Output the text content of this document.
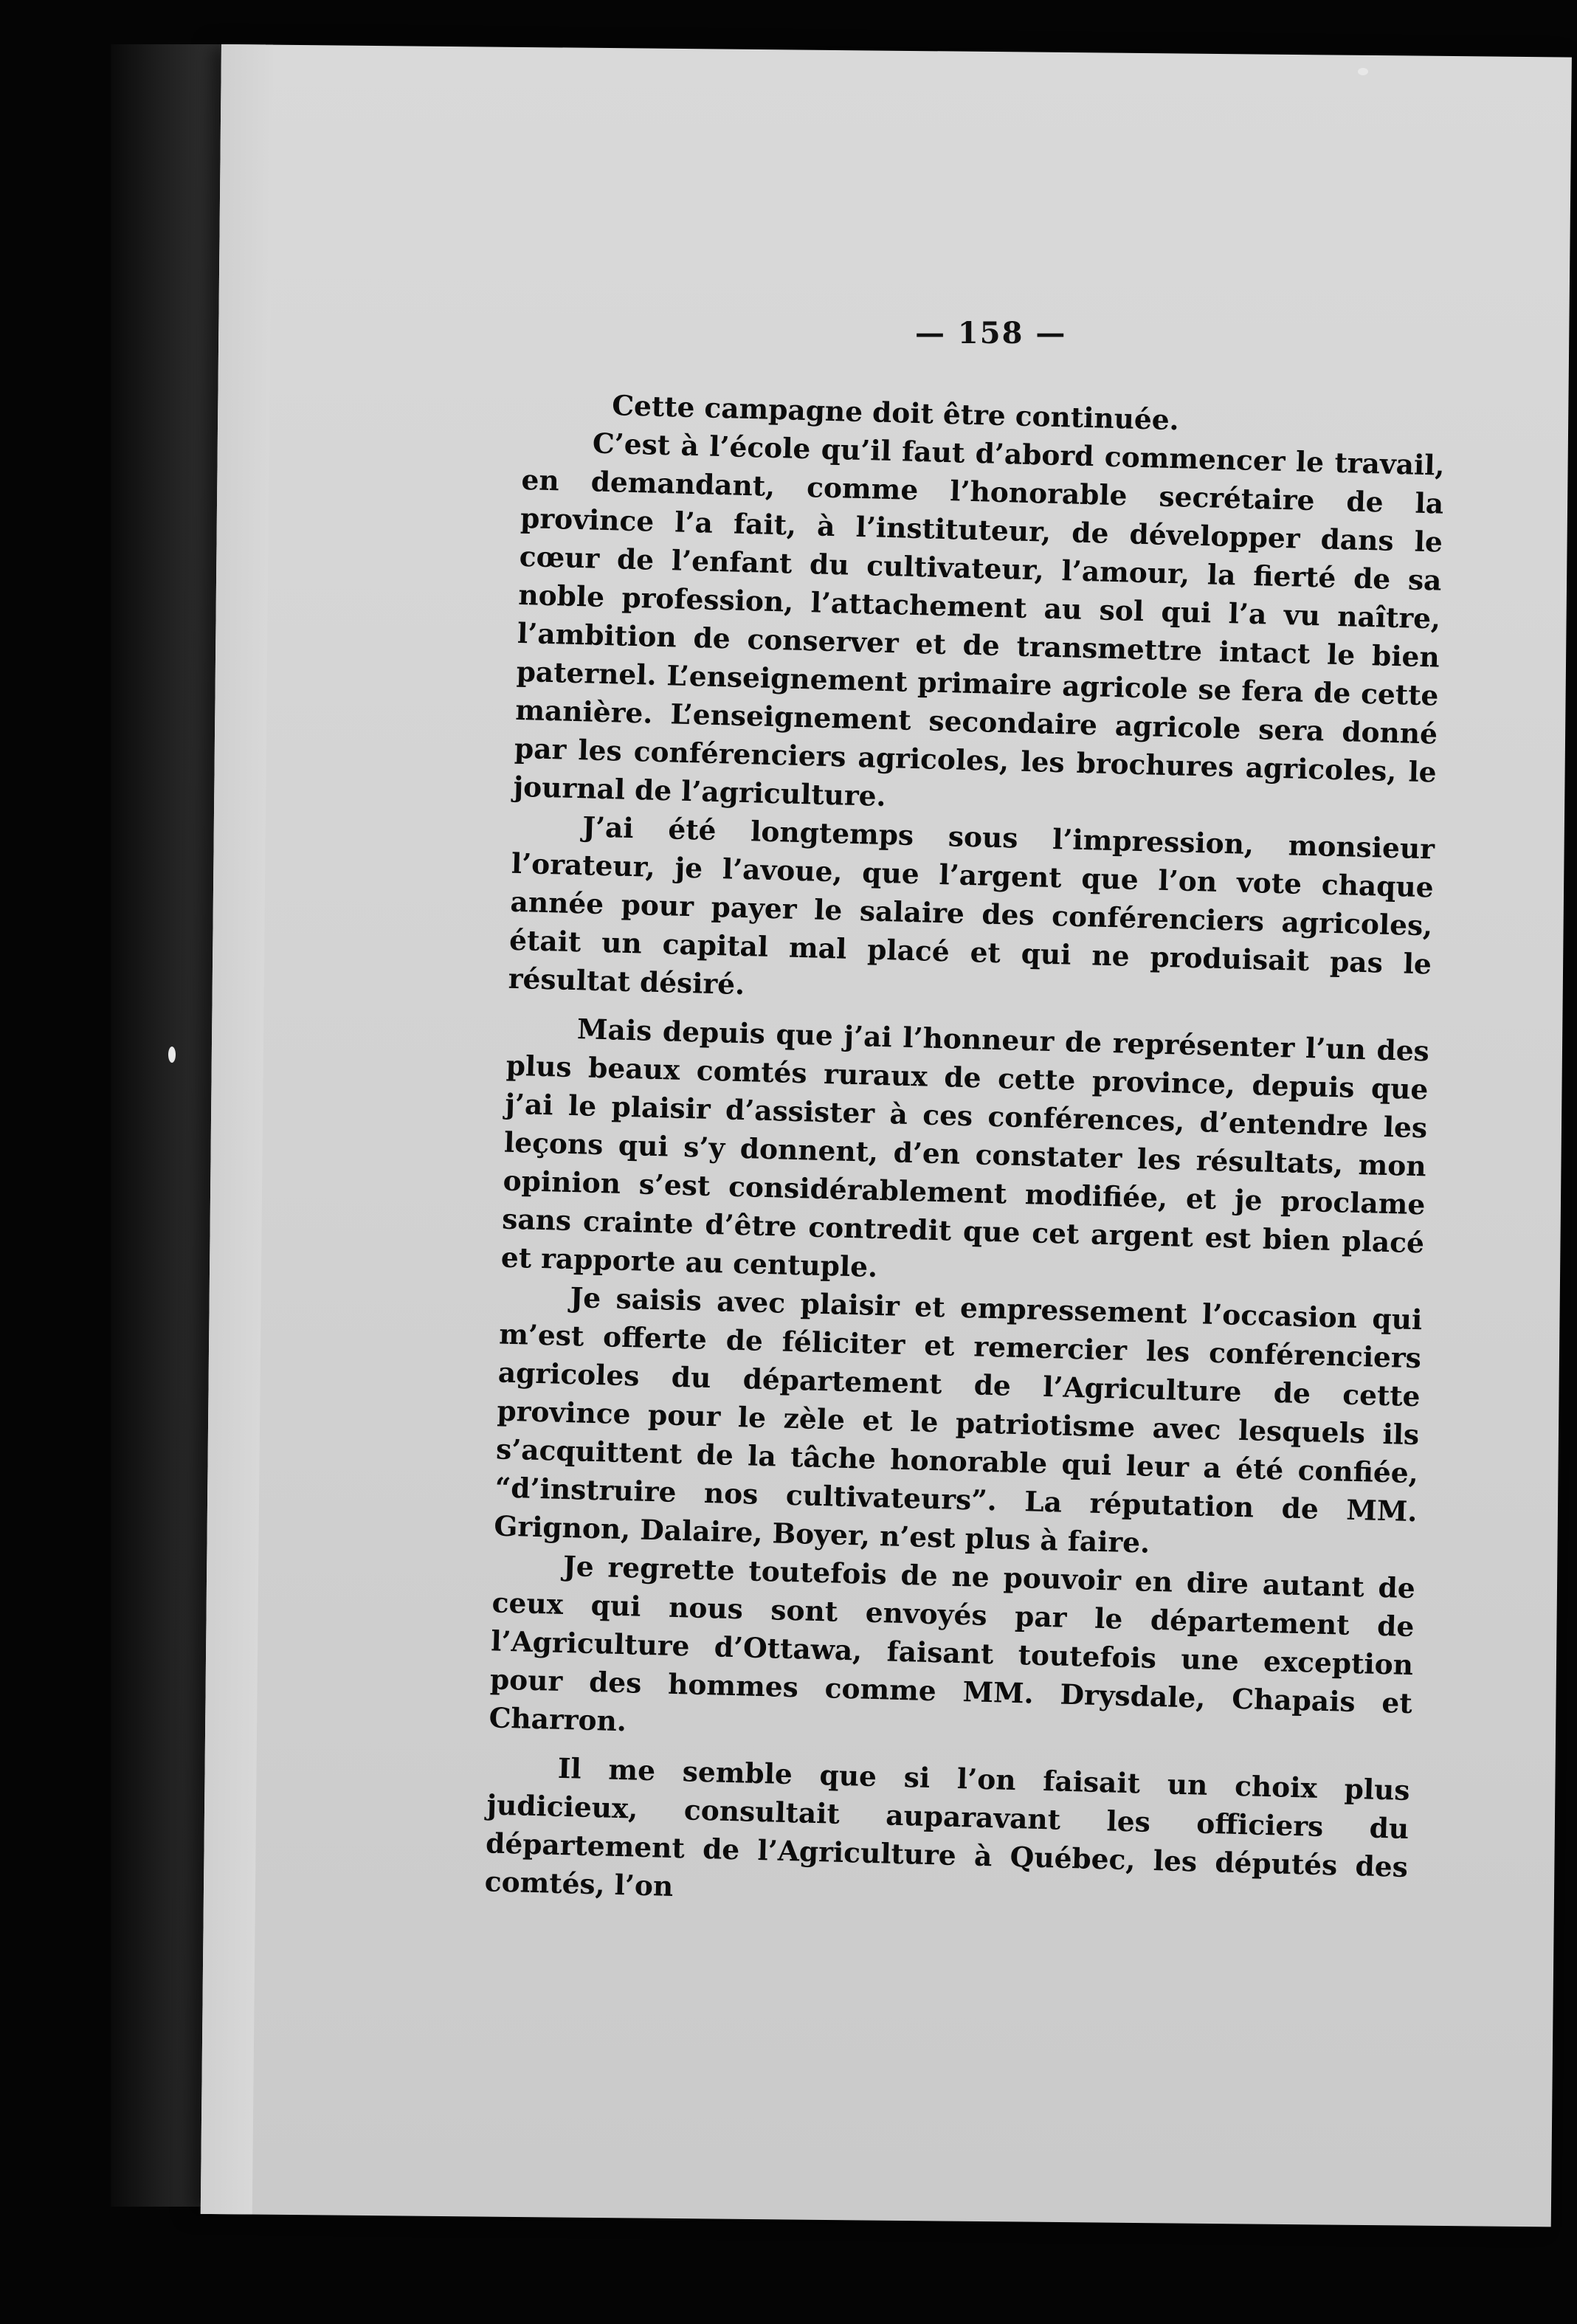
— 158 —

Cette campagne doit être continuée.

C’est à l’école qu’il faut d’abord commencer le travail, en demandant, comme l’honorable secrétaire de la province l’a fait, à l’instituteur, de développer dans le cœur de l’enfant du cultivateur, l’amour, la fierté de sa noble profession, l’attachement au sol qui l’a vu naître, l’ambition de conserver et de transmettre intact le bien paternel. L’enseignement primaire agricole se fera de cette manière. L’enseignement secondaire agricole sera donné par les conférenciers agricoles, les brochures agricoles, le journal de l’agriculture.

J’ai été longtemps sous l’impression, monsieur l’orateur, je l’avoue, que l’argent que l’on vote chaque année pour payer le salaire des conférenciers agricoles, était un capital mal placé et qui ne produisait pas le résultat désiré.

Mais depuis que j’ai l’honneur de représenter l’un des plus beaux comtés ruraux de cette province, depuis que j’ai le plaisir d’assister à ces conférences, d’entendre les leçons qui s’y donnent, d’en constater les résultats, mon opinion s’est considérablement modifiée, et je proclame sans crainte d’être contredit que cet argent est bien placé et rapporte au centuple.

Je saisis avec plaisir et empressement l’occasion qui m’est offerte de féliciter et remercier les conférenciers agricoles du département de l’Agriculture de cette province pour le zèle et le patriotisme avec lesquels ils s’acquittent de la tâche honorable qui leur a été confiée, “d’instruire nos cultivateurs”. La réputation de MM. Grignon, Dalaire, Boyer, n’est plus à faire.

Je regrette toutefois de ne pouvoir en dire autant de ceux qui nous sont envoyés par le département de l’Agriculture d’Ottawa, faisant toutefois une exception pour des hommes comme MM. Drysdale, Chapais et Charron.

Il me semble que si l’on faisait un choix plus judicieux, consultait auparavant les officiers du département de l’Agriculture à Québec, les députés des comtés, l’on
